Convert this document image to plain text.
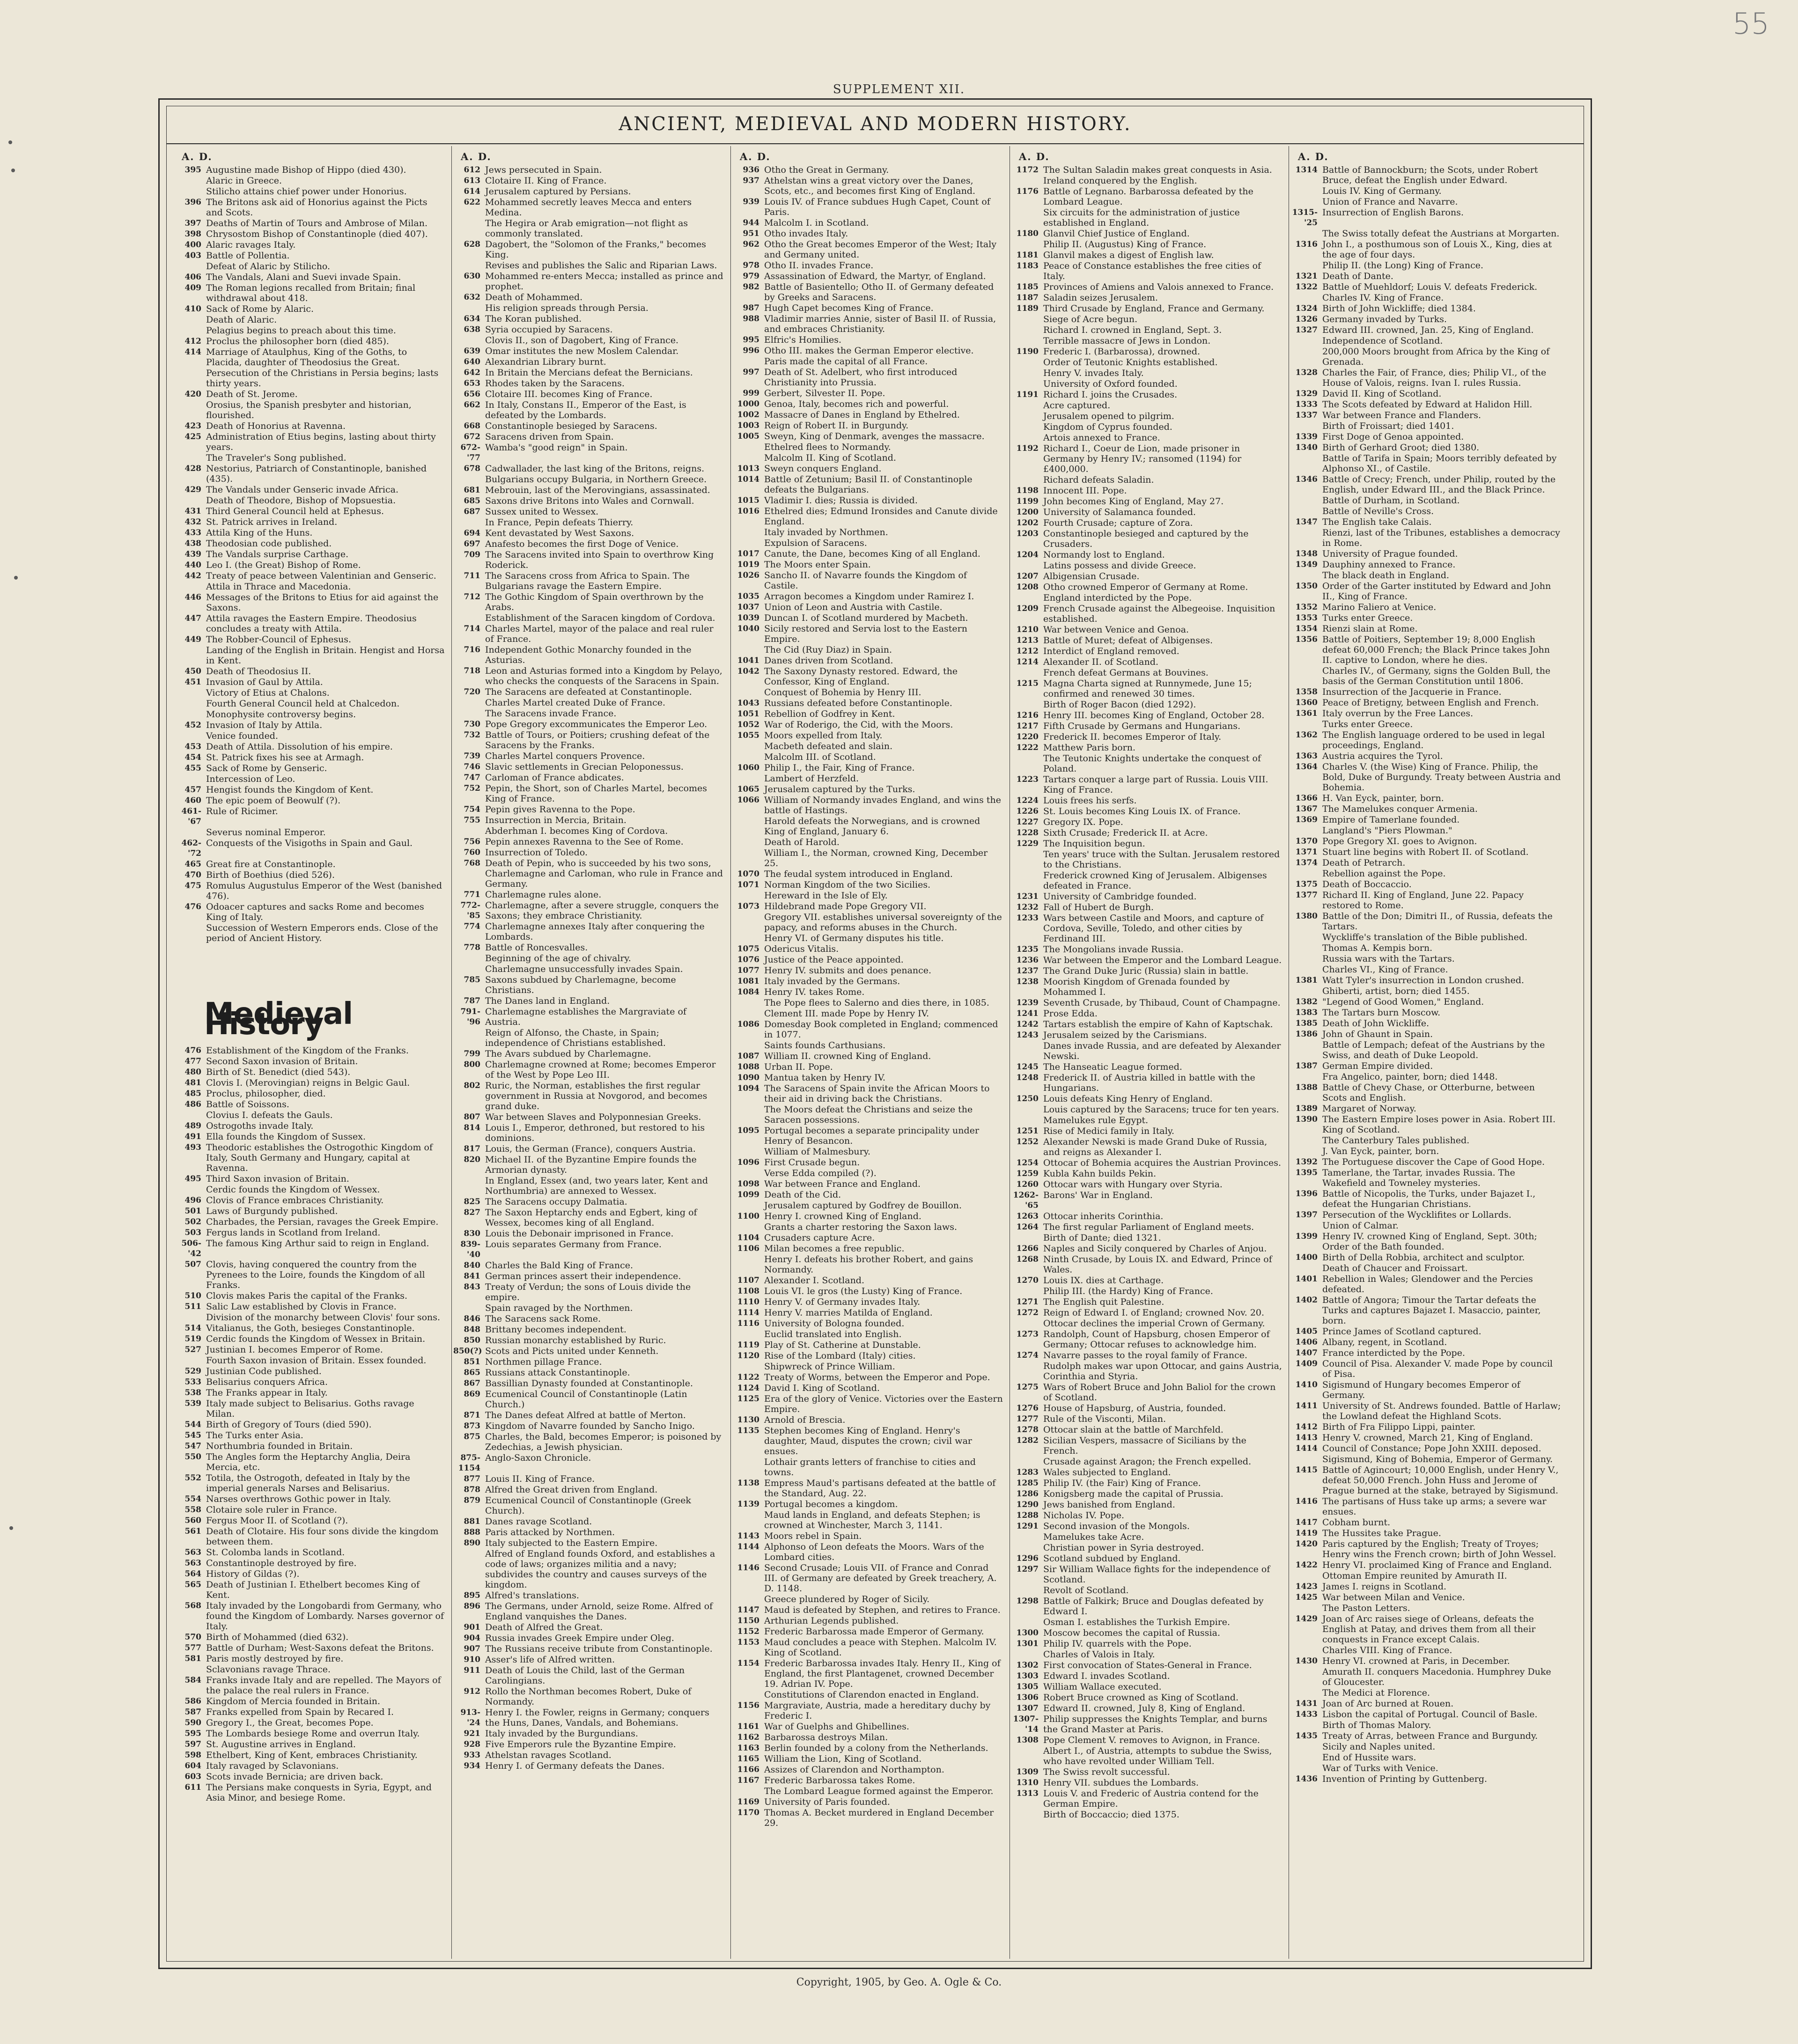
55
SUPPLEMENT XII.
ANCIENT, MEDIEVAL AND MODERN HISTORY.
A. D.
395 Augustine made Bishop of Hippo (died 430).
Alaric in Greece.
Stilicho attains chief power under Honorius.
396 The Britons ask aid of Honorius against the Picts and Scots.
397 Deaths of Martin of Tours and Ambrose of Milan.
398 Chrysostom Bishop of Constantinople (died 407).
400 Alaric ravages Italy.
403 Battle of Pollentia.
Defeat of Alaric by Stilicho.
406 The Vandals, Alani and Suevi invade Spain.
409 The Roman legions recalled from Britain; final withdrawal about 418.
410 Sack of Rome by Alaric.
Death of Alaric.
Pelagius begins to preach about this time.
412 Proclus the philosopher born (died 485).
414 Marriage of Ataulphus, King of the Goths, to Placida, daughter of Theodosius the Great.
Persecution of the Christians in Persia begins; lasts thirty years.
420 Death of St. Jerome.
Orosius, the Spanish presbyter and historian, flourished.
423 Death of Honorius at Ravenna.
425 Administration of Etius begins, lasting about thirty years.
The Traveler's Song published.
428 Nestorius, Patriarch of Constantinople, banished (435).
429 The Vandals under Genseric invade Africa.
Death of Theodore, Bishop of Mopsuestia.
431 Third General Council held at Ephesus.
432 St. Patrick arrives in Ireland.
433 Attila King of the Huns.
438 Theodosian code published.
439 The Vandals surprise Carthage.
440 Leo I. (the Great) Bishop of Rome.
442 Treaty of peace between Valentinian and Genseric.
Attila in Thrace and Macedonia.
446 Messages of the Britons to Etius for aid against the Saxons.
447 Attila ravages the Eastern Empire. Theodosius concludes a treaty with Attila.
449 The Robber-Council of Ephesus.
Landing of the English in Britain. Hengist and Horsa in Kent.
450 Death of Theodosius II.
451 Invasion of Gaul by Attila.
Victory of Etius at Chalons.
Fourth General Council held at Chalcedon.
Monophysite controversy begins.
452 Invasion of Italy by Attila.
Venice founded.
453 Death of Attila. Dissolution of his empire.
454 St. Patrick fixes his see at Armagh.
455 Sack of Rome by Genseric.
Intercession of Leo.
457 Hengist founds the Kingdom of Kent.
460 The epic poem of Beowulf (?).
461-'67
Rule of Ricimer.
Severus nominal Emperor.
462-'72
Conquests of the Visigoths in Spain and Gaul.
465 Great fire at Constantinople.
470 Birth of Boethius (died 526).
475 Romulus Augustulus Emperor of the West (banished 476).
476 Odoacer captures and sacks Rome and becomes King of Italy.
Succession of Western Emperors ends. Close of the period of Ancient History.
Medieval History
476 Establishment of the Kingdom of the Franks.
477 Second Saxon invasion of Britain.
480 Birth of St. Benedict (died 543).
481 Clovis I. (Merovingian) reigns in Belgic Gaul.
485 Proclus, philosopher, died.
486 Battle of Soissons.
Clovius I. defeats the Gauls.
489 Ostrogoths invade Italy.
491 Ella founds the Kingdom of Sussex.
493 Theodoric establishes the Ostrogothic Kingdom of Italy, South Germany and Hungary, capital at Ravenna.
495 Third Saxon invasion of Britain.
Cerdic founds the Kingdom of Wessex.
496 Clovis of France embraces Christianity.
501 Laws of Burgundy published.
502 Charbades, the Persian, ravages the Greek Empire.
503 Fergus lands in Scotland from Ireland.
506-'42
The famous King Arthur said to reign in England.
507 Clovis, having conquered the country from the Pyrenees to the Loire, founds the Kingdom of all Franks.
510 Clovis makes Paris the capital of the Franks.
511 Salic Law established by Clovis in France.
Division of the monarchy between Clovis' four sons.
514 Vitalianus, the Goth, besieges Constantinople.
519 Cerdic founds the Kingdom of Wessex in Britain.
527 Justinian I. becomes Emperor of Rome.
Fourth Saxon invasion of Britain. Essex founded.
529 Justinian Code published.
533 Belisarius conquers Africa.
538 The Franks appear in Italy.
539 Italy made subject to Belisarius. Goths ravage Milan.
544 Birth of Gregory of Tours (died 590).
545 The Turks enter Asia.
547 Northumbria founded in Britain.
550 The Angles form the Heptarchy Anglia, Deira Mercia, etc.
552 Totila, the Ostrogoth, defeated in Italy by the imperial generals Narses and Belisarius.
554 Narses overthrows Gothic power in Italy.
558 Clotaire sole ruler in France.
560 Fergus Moor II. of Scotland (?).
561 Death of Clotaire. His four sons divide the kingdom between them.
563 St. Colomba lands in Scotland.
563 Constantinople destroyed by fire.
564 History of Gildas (?).
565 Death of Justinian I. Ethelbert becomes King of Kent.
568 Italy invaded by the Longobardi from Germany, who found the Kingdom of Lombardy. Narses governor of Italy.
570 Birth of Mohammed (died 632).
577 Battle of Durham; West-Saxons defeat the Britons.
581 Paris mostly destroyed by fire.
Sclavonians ravage Thrace.
584 Franks invade Italy and are repelled. The Mayors of the palace the real rulers in France.
586 Kingdom of Mercia founded in Britain.
587 Franks expelled from Spain by Recared I.
590 Gregory I., the Great, becomes Pope.
595 The Lombards besiege Rome and overrun Italy.
597 St. Augustine arrives in England.
598 Ethelbert, King of Kent, embraces Christianity.
604 Italy ravaged by Sclavonians.
603 Scots invade Bernicia; are driven back.
611 The Persians make conquests in Syria, Egypt, and Asia Minor, and besiege Rome.
A. D.
612 Jews persecuted in Spain.
613 Clotaire II. King of France.
614 Jerusalem captured by Persians.
622 Mohammed secretly leaves Mecca and enters Medina.
The Hegira or Arab emigration—not flight as commonly translated.
628 Dagobert, the "Solomon of the Franks," becomes King.
Revises and publishes the Salic and Riparian Laws.
630 Mohammed re-enters Mecca; installed as prince and prophet.
632 Death of Mohammed.
His religion spreads through Persia.
634 The Koran published.
638 Syria occupied by Saracens.
Clovis II., son of Dagobert, King of France.
639 Omar institutes the new Moslem Calendar.
640 Alexandrian Library burnt.
642 In Britain the Mercians defeat the Bernicians.
653 Rhodes taken by the Saracens.
656 Clotaire III. becomes King of France.
662 In Italy, Constans II., Emperor of the East, is defeated by the Lombards.
668 Constantinople besieged by Saracens.
672 Saracens driven from Spain.
672-'77
Wamba's "good reign" in Spain.
678 Cadwallader, the last king of the Britons, reigns.
Bulgarians occupy Bulgaria, in Northern Greece.
681 Mebrouin, last of the Merovingians, assassinated.
685 Saxons drive Britons into Wales and Cornwall.
687 Sussex united to Wessex.
In France, Pepin defeats Thierry.
694 Kent devastated by West Saxons.
697 Anafesto becomes the first Doge of Venice.
709 The Saracens invited into Spain to overthrow King Roderick.
711 The Saracens cross from Africa to Spain. The Bulgarians ravage the Eastern Empire.
712 The Gothic Kingdom of Spain overthrown by the Arabs.
Establishment of the Saracen kingdom of Cordova.
714 Charles Martel, mayor of the palace and real ruler of France.
716 Independent Gothic Monarchy founded in the Asturias.
718 Leon and Asturias formed into a Kingdom by Pelayo, who checks the conquests of the Saracens in Spain.
720 The Saracens are defeated at Constantinople.
Charles Martel created Duke of France.
The Saracens invade France.
730 Pope Gregory excommunicates the Emperor Leo.
732 Battle of Tours, or Poitiers; crushing defeat of the Saracens by the Franks.
739 Charles Martel conquers Provence.
746 Slavic settlements in Grecian Peloponessus.
747 Carloman of France abdicates.
752 Pepin, the Short, son of Charles Martel, becomes King of France.
754 Pepin gives Ravenna to the Pope.
755 Insurrection in Mercia, Britain.
Abderhman I. becomes King of Cordova.
756 Pepin annexes Ravenna to the See of Rome.
760 Insurrection of Toledo.
768 Death of Pepin, who is succeeded by his two sons, Charlemagne and Carloman, who rule in France and Germany.
771 Charlemagne rules alone.
772-'85
Charlemagne, after a severe struggle, conquers the Saxons; they embrace Christianity.
774 Charlemagne annexes Italy after conquering the Lombards.
778 Battle of Roncesvalles.
Beginning of the age of chivalry.
Charlemagne unsuccessfully invades Spain.
785 Saxons subdued by Charlemagne, become Christians.
787 The Danes land in England.
791-'96
Charlemagne establishes the Margraviate of Austria.
Reign of Alfonso, the Chaste, in Spain; independence of Christians established.
799 The Avars subdued by Charlemagne.
800 Charlemagne crowned at Rome; becomes Emperor of the West by Pope Leo III.
802 Ruric, the Norman, establishes the first regular government in Russia at Novgorod, and becomes grand duke.
807 War between Slaves and Polyponnesian Greeks.
814 Louis I., Emperor, dethroned, but restored to his dominions.
817 Louis, the German (France), conquers Austria.
820 Michael II. of the Byzantine Empire founds the Armorian dynasty.
In England, Essex (and, two years later, Kent and Northumbria) are annexed to Wessex.
825 The Saracens occupy Dalmatia.
827 The Saxon Heptarchy ends and Egbert, king of Wessex, becomes king of all England.
830 Louis the Debonair imprisoned in France.
839-'40
Louis separates Germany from France.
840 Charles the Bald King of France.
841 German princes assert their independence.
843 Treaty of Verdun; the sons of Louis divide the empire.
Spain ravaged by the Northmen.
846 The Saracens sack Rome.
848 Brittany becomes independent.
850 Russian monarchy established by Ruric.
850(?) Scots and Picts united under Kenneth.
851 Northmen pillage France.
865 Russians attack Constantinople.
867 Bassillian Dynasty founded at Constantinople.
869 Ecumenical Council of Constantinople (Latin Church.)
871 The Danes defeat Alfred at battle of Merton.
873 Kingdom of Navarre founded by Sancho Inigo.
875 Charles, the Bald, becomes Emperor; is poisoned by Zedechias, a Jewish physician.
875-1154
Anglo-Saxon Chronicle.
877 Louis II. King of France.
878 Alfred the Great driven from England.
879 Ecumenical Council of Constantinople (Greek Church).
881 Danes ravage Scotland.
888 Paris attacked by Northmen.
890 Italy subjected to the Eastern Empire.
Alfred of England founds Oxford, and establishes a code of laws; organizes militia and a navy; subdivides the country and causes surveys of the kingdom.
895 Alfred's translations.
896 The Germans, under Arnold, seize Rome. Alfred of England vanquishes the Danes.
901 Death of Alfred the Great.
904 Russia invades Greek Empire under Oleg.
907 The Russians receive tribute from Constantinople.
910 Asser's life of Alfred written.
911 Death of Louis the Child, last of the German Carolingians.
912 Rollo the Northman becomes Robert, Duke of Normandy.
913-'24
Henry I. the Fowler, reigns in Germany; conquers the Huns, Danes, Vandals, and Bohemians.
921 Italy invaded by the Burgundians.
928 Five Emperors rule the Byzantine Empire.
933 Athelstan ravages Scotland.
934 Henry I. of Germany defeats the Danes.
A. D.
936 Otho the Great in Germany.
937 Athelstan wins a great victory over the Danes, Scots, etc., and becomes first King of England.
939 Louis IV. of France subdues Hugh Capet, Count of Paris.
944 Malcolm I. in Scotland.
951 Otho invades Italy.
962 Otho the Great becomes Emperor of the West; Italy and Germany united.
978 Otho II. invades France.
979 Assassination of Edward, the Martyr, of England.
982 Battle of Basientello; Otho II. of Germany defeated by Greeks and Saracens.
987 Hugh Capet becomes King of France.
988 Vladimir marries Annie, sister of Basil II. of Russia, and embraces Christianity.
995 Elfric's Homilies.
996 Otho III. makes the German Emperor elective.
Paris made the capital of all France.
997 Death of St. Adelbert, who first introduced Christianity into Prussia.
999 Gerbert, Silvester II. Pope.
1000 Genoa, Italy, becomes rich and powerful.
1002 Massacre of Danes in England by Ethelred.
1003 Reign of Robert II. in Burgundy.
1005 Sweyn, King of Denmark, avenges the massacre.
Ethelred flees to Normandy.
Malcolm II. King of Scotland.
1013 Sweyn conquers England.
1014 Battle of Zetunium; Basil II. of Constantinople defeats the Bulgarians.
1015 Vladimir I. dies; Russia is divided.
1016 Ethelred dies; Edmund Ironsides and Canute divide England.
Italy invaded by Northmen.
Expulsion of Saracens.
1017 Canute, the Dane, becomes King of all England.
1019 The Moors enter Spain.
1026 Sancho II. of Navarre founds the Kingdom of Castile.
1035 Arragon becomes a Kingdom under Ramirez I.
1037 Union of Leon and Austria with Castile.
1039 Duncan I. of Scotland murdered by Macbeth.
1040 Sicily restored and Servia lost to the Eastern Empire.
The Cid (Ruy Diaz) in Spain.
1041 Danes driven from Scotland.
1042 The Saxony Dynasty restored. Edward, the Confessor, King of England.
Conquest of Bohemia by Henry III.
1043 Russians defeated before Constantinople.
1051 Rebellion of Godfrey in Kent.
1052 War of Roderigo, the Cid, with the Moors.
1055 Moors expelled from Italy.
Macbeth defeated and slain.
Malcolm III. of Scotland.
1060 Philip I., the Fair, King of France.
Lambert of Herzfeld.
1065 Jerusalem captured by the Turks.
1066 William of Normandy invades England, and wins the battle of Hastings.
Harold defeats the Norwegians, and is crowned King of England, January 6.
Death of Harold.
William I., the Norman, crowned King, December 25.
1070 The feudal system introduced in England.
1071 Norman Kingdom of the two Sicilies.
Hereward in the Isle of Ely.
1073 Hildebrand made Pope Gregory VII.
Gregory VII. establishes universal sovereignty of the papacy, and reforms abuses in the Church.
Henry VI. of Germany disputes his title.
1075 Odericus Vitalis.
1076 Justice of the Peace appointed.
1077 Henry IV. submits and does penance.
1081 Italy invaded by the Germans.
1084 Henry IV. takes Rome.
The Pope flees to Salerno and dies there, in 1085.
Clement III. made Pope by Henry IV.
1086 Domesday Book completed in England; commenced in 1077.
Saints founds Carthusians.
1087 William II. crowned King of England.
1088 Urban II. Pope.
1090 Mantua taken by Henry IV.
1094 The Saracens of Spain invite the African Moors to their aid in driving back the Christians.
The Moors defeat the Christians and seize the Saracen possessions.
1095 Portugal becomes a separate principality under Henry of Besancon.
William of Malmesbury.
1096 First Crusade begun.
Verse Edda compiled (?).
1098 War between France and England.
1099 Death of the Cid.
Jerusalem captured by Godfrey de Bouillon.
1100 Henry I. crowned King of England.
Grants a charter restoring the Saxon laws.
1104 Crusaders capture Acre.
1106 Milan becomes a free republic.
Henry I. defeats his brother Robert, and gains Normandy.
1107 Alexander I. Scotland.
1108 Louis VI. le gros (the Lusty) King of France.
1110 Henry V. of Germany invades Italy.
1114 Henry V. marries Matilda of England.
1116 University of Bologna founded.
Euclid translated into English.
1119 Play of St. Catherine at Dunstable.
1120 Rise of the Lombard (Italy) cities.
Shipwreck of Prince William.
1122 Treaty of Worms, between the Emperor and Pope.
1124 David I. King of Scotland.
1125 Era of the glory of Venice. Victories over the Eastern Empire.
1130 Arnold of Brescia.
1135 Stephen becomes King of England. Henry's daughter, Maud, disputes the crown; civil war ensues.
Lothair grants letters of franchise to cities and towns.
1138 Empress Maud's partisans defeated at the battle of the Standard, Aug. 22.
1139 Portugal becomes a kingdom.
Maud lands in England, and defeats Stephen; is crowned at Winchester, March 3, 1141.
1143 Moors rebel in Spain.
1144 Alphonso of Leon defeats the Moors. Wars of the Lombard cities.
1146 Second Crusade; Louis VII. of France and Conrad III. of Germany are defeated by Greek treachery, A. D. 1148.
Greece plundered by Roger of Sicily.
1147 Maud is defeated by Stephen, and retires to France.
1150 Arthurian Legends published.
1152 Frederic Barbarossa made Emperor of Germany.
1153 Maud concludes a peace with Stephen. Malcolm IV. King of Scotland.
1154 Frederic Barbarossa invades Italy. Henry II., King of England, the first Plantagenet, crowned December 19. Adrian IV. Pope.
Constitutions of Clarendon enacted in England.
1156 Margraviate, Austria, made a hereditary duchy by Frederic I.
1161 War of Guelphs and Ghibellines.
1162 Barbarossa destroys Milan.
1163 Berlin founded by a colony from the Netherlands.
1165 William the Lion, King of Scotland.
1166 Assizes of Clarendon and Northampton.
1167 Frederic Barbarossa takes Rome.
The Lombard League formed against the Emperor.
1169 University of Paris founded.
1170 Thomas A. Becket murdered in England December 29.
A. D.
1172 The Sultan Saladin makes great conquests in Asia.
Ireland conquered by the English.
1176 Battle of Legnano. Barbarossa defeated by the Lombard League.
Six circuits for the administration of justice established in England.
1180 Glanvil Chief Justice of England.
Philip II. (Augustus) King of France.
1181 Glanvil makes a digest of English law.
1183 Peace of Constance establishes the free cities of Italy.
1185 Provinces of Amiens and Valois annexed to France.
1187 Saladin seizes Jerusalem.
1189 Third Crusade by England, France and Germany.
Siege of Acre begun.
Richard I. crowned in England, Sept. 3.
Terrible massacre of Jews in London.
1190 Frederic I. (Barbarossa), drowned.
Order of Teutonic Knights established.
Henry V. invades Italy.
University of Oxford founded.
1191 Richard I. joins the Crusades.
Acre captured.
Jerusalem opened to pilgrim.
Kingdom of Cyprus founded.
Artois annexed to France.
1192 Richard I., Coeur de Lion, made prisoner in Germany by Henry IV.; ransomed (1194) for £400,000.
Richard defeats Saladin.
1198 Innocent III. Pope.
1199 John becomes King of England, May 27.
1200 University of Salamanca founded.
1202 Fourth Crusade; capture of Zora.
1203 Constantinople besieged and captured by the Crusaders.
1204 Normandy lost to England.
Latins possess and divide Greece.
1207 Albigensian Crusade.
1208 Otho crowned Emperor of Germany at Rome.
England interdicted by the Pope.
1209 French Crusade against the Albegeoise. Inquisition established.
1210 War between Venice and Genoa.
1213 Battle of Muret; defeat of Albigenses.
1212 Interdict of England removed.
1214 Alexander II. of Scotland.
French defeat Germans at Bouvines.
1215 Magna Charta signed at Runnymede, June 15; confirmed and renewed 30 times.
Birth of Roger Bacon (died 1292).
1216 Henry III. becomes King of England, October 28.
1217 Fifth Crusade by Germans and Hungarians.
1220 Frederick II. becomes Emperor of Italy.
1222 Matthew Paris born.
The Teutonic Knights undertake the conquest of Poland.
1223 Tartars conquer a large part of Russia. Louis VIII. King of France.
1224 Louis frees his serfs.
1226 St. Louis becomes King Louis IX. of France.
1227 Gregory IX. Pope.
1228 Sixth Crusade; Frederick II. at Acre.
1229 The Inquisition begun.
Ten years' truce with the Sultan. Jerusalem restored to the Christians.
Frederick crowned King of Jerusalem. Albigenses defeated in France.
1231 University of Cambridge founded.
1232 Fall of Hubert de Burgh.
1233 Wars between Castile and Moors, and capture of Cordova, Seville, Toledo, and other cities by Ferdinand III.
1235 The Mongolians invade Russia.
1236 War between the Emperor and the Lombard League.
1237 The Grand Duke Juric (Russia) slain in battle.
1238 Moorish Kingdom of Grenada founded by Mohammed I.
1239 Seventh Crusade, by Thibaud, Count of Champagne.
1241 Prose Edda.
1242 Tartars establish the empire of Kahn of Kaptschak.
1243 Jerusalem seized by the Carismians.
Danes invade Russia, and are defeated by Alexander Newski.
1245 The Hanseatic League formed.
1248 Frederick II. of Austria killed in battle with the Hungarians.
1250 Louis defeats King Henry of England.
Louis captured by the Saracens; truce for ten years.
Mamelukes rule Egypt.
1251 Rise of Medici family in Italy.
1252 Alexander Newski is made Grand Duke of Russia, and reigns as Alexander I.
1254 Ottocar of Bohemia acquires the Austrian Provinces.
1259 Kubla Kahn builds Pekin.
1260 Ottocar wars with Hungary over Styria.
1262-'65
Barons' War in England.
1263 Ottocar inherits Corinthia.
1264 The first regular Parliament of England meets.
Birth of Dante; died 1321.
1266 Naples and Sicily conquered by Charles of Anjou.
1268 Ninth Crusade, by Louis IX. and Edward, Prince of Wales.
1270 Louis IX. dies at Carthage.
Philip III. (the Hardy) King of France.
1271 The English quit Palestine.
1272 Reign of Edward I. of England; crowned Nov. 20.
Ottocar declines the imperial Crown of Germany.
1273 Randolph, Count of Hapsburg, chosen Emperor of Germany; Ottocar refuses to acknowledge him.
1274 Navarre passes to the royal family of France.
Rudolph makes war upon Ottocar, and gains Austria, Corinthia and Styria.
1275 Wars of Robert Bruce and John Baliol for the crown of Scotland.
1276 House of Hapsburg, of Austria, founded.
1277 Rule of the Visconti, Milan.
1278 Ottocar slain at the battle of Marchfeld.
1282 Sicilian Vespers, massacre of Sicilians by the French.
Crusade against Aragon; the French expelled.
1283 Wales subjected to England.
1285 Philip IV. (the Fair) King of France.
1286 Konigsberg made the capital of Prussia.
1290 Jews banished from England.
1288 Nicholas IV. Pope.
1291 Second invasion of the Mongols.
Mamelukes take Acre.
Christian power in Syria destroyed.
1296 Scotland subdued by England.
1297 Sir William Wallace fights for the independence of Scotland.
Revolt of Scotland.
1298 Battle of Falkirk; Bruce and Douglas defeated by Edward I.
Osman I. establishes the Turkish Empire.
1300 Moscow becomes the capital of Russia.
1301 Philip IV. quarrels with the Pope.
Charles of Valois in Italy.
1302 First convocation of States-General in France.
1303 Edward I. invades Scotland.
1305 William Wallace executed.
1306 Robert Bruce crowned as King of Scotland.
1307 Edward II. crowned, July 8, King of England.
1307-'14
Philip suppresses the Knights Templar, and burns the Grand Master at Paris.
1308 Pope Clement V. removes to Avignon, in France.
Albert I., of Austria, attempts to subdue the Swiss, who have revolted under William Tell.
1309 The Swiss revolt successful.
1310 Henry VII. subdues the Lombards.
1313 Louis V. and Frederic of Austria contend for the German Empire.
Birth of Boccaccio; died 1375.
A. D.
1314 Battle of Bannockburn; the Scots, under Robert Bruce, defeat the English under Edward.
Louis IV. King of Germany.
Union of France and Navarre.
1315-'25
Insurrection of English Barons.
The Swiss totally defeat the Austrians at Morgarten.
1316 John I., a posthumous son of Louis X., King, dies at the age of four days.
Philip II. (the Long) King of France.
1321 Death of Dante.
1322 Battle of Muehldorf; Louis V. defeats Frederick.
Charles IV. King of France.
1324 Birth of John Wickliffe; died 1384.
1326 Germany invaded by Turks.
1327 Edward III. crowned, Jan. 25, King of England.
Independence of Scotland.
200,000 Moors brought from Africa by the King of Grenada.
1328 Charles the Fair, of France, dies; Philip VI., of the House of Valois, reigns. Ivan I. rules Russia.
1329 David II. King of Scotland.
1333 The Scots defeated by Edward at Halidon Hill.
1337 War between France and Flanders.
Birth of Froissart; died 1401.
1339 First Doge of Genoa appointed.
1340 Birth of Gerhard Groot; died 1380.
Battle of Tarifa in Spain; Moors terribly defeated by Alphonso XI., of Castile.
1346 Battle of Crecy; French, under Philip, routed by the English, under Edward III., and the Black Prince.
Battle of Durham, in Scotland.
Battle of Neville's Cross.
1347 The English take Calais.
Rienzi, last of the Tribunes, establishes a democracy in Rome.
1348 University of Prague founded.
1349 Dauphiny annexed to France.
The black death in England.
1350 Order of the Garter instituted by Edward and John II., King of France.
1352 Marino Faliero at Venice.
1353 Turks enter Greece.
1354 Rienzi slain at Rome.
1356 Battle of Poitiers, September 19; 8,000 English defeat 60,000 French; the Black Prince takes John II. captive to London, where he dies.
Charles IV., of Germany, signs the Golden Bull, the basis of the German Constitution until 1806.
1358 Insurrection of the Jacquerie in France.
1360 Peace of Bretigny, between English and French.
1361 Italy overrun by the Free Lances.
Turks enter Greece.
1362 The English language ordered to be used in legal proceedings, England.
1363 Austria acquires the Tyrol.
1364 Charles V. (the Wise) King of France. Philip, the Bold, Duke of Burgundy. Treaty between Austria and Bohemia.
1366 H. Van Eyck, painter, born.
1367 The Mamelukes conquer Armenia.
1369 Empire of Tamerlane founded.
Langland's "Piers Plowman."
1370 Pope Gregory XI. goes to Avignon.
1371 Stuart line begins with Robert II. of Scotland.
1374 Death of Petrarch.
Rebellion against the Pope.
1375 Death of Boccaccio.
1377 Richard II. King of England, June 22. Papacy restored to Rome.
1380 Battle of the Don; Dimitri II., of Russia, defeats the Tartars.
Wyckliffe's translation of the Bible published.
Thomas A. Kempis born.
Russia wars with the Tartars.
Charles VI., King of France.
1381 Watt Tyler's insurrection in London crushed.
Ghiberti, artist, born; died 1455.
1382 "Legend of Good Women," England.
1383 The Tartars burn Moscow.
1385 Death of John Wickliffe.
1386 John of Ghaunt in Spain.
Battle of Lempach; defeat of the Austrians by the Swiss, and death of Duke Leopold.
1387 German Empire divided.
Fra Angelico, painter, born; died 1448.
1388 Battle of Chevy Chase, or Otterburne, between Scots and English.
1389 Margaret of Norway.
1390 The Eastern Empire loses power in Asia. Robert III. King of Scotland.
The Canterbury Tales published.
J. Van Eyck, painter, born.
1392 The Portuguese discover the Cape of Good Hope.
1395 Tamerlane, the Tartar, invades Russia. The Wakefield and Towneley mysteries.
1396 Battle of Nicopolis, the Turks, under Bajazet I., defeat the Hungarian Christians.
1397 Persecution of the Wycklifites or Lollards.
Union of Calmar.
1399 Henry IV. crowned King of England, Sept. 30th; Order of the Bath founded.
1400 Birth of Della Robbia, architect and sculptor.
Death of Chaucer and Froissart.
1401 Rebellion in Wales; Glendower and the Percies defeated.
1402 Battle of Angora; Timour the Tartar defeats the Turks and captures Bajazet I. Masaccio, painter, born.
1405 Prince James of Scotland captured.
1406 Albany, regent, in Scotland.
1407 France interdicted by the Pope.
1409 Council of Pisa. Alexander V. made Pope by council of Pisa.
1410 Sigismund of Hungary becomes Emperor of Germany.
1411 University of St. Andrews founded. Battle of Harlaw; the Lowland defeat the Highland Scots.
1412 Birth of Fra Filippo Lippi, painter.
1413 Henry V. crowned, March 21, King of England.
1414 Council of Constance; Pope John XXIII. deposed.
Sigismund, King of Bohemia, Emperor of Germany.
1415 Battle of Agincourt; 10,000 English, under Henry V., defeat 50,000 French. John Huss and Jerome of Prague burned at the stake, betrayed by Sigismund.
1416 The partisans of Huss take up arms; a severe war ensues.
1417 Cobham burnt.
1419 The Hussites take Prague.
1420 Paris captured by the English; Treaty of Troyes; Henry wins the French crown; birth of John Wessel.
1422 Henry VI. proclaimed King of France and England.
Ottoman Empire reunited by Amurath II.
1423 James I. reigns in Scotland.
1425 War between Milan and Venice.
The Paston Letters.
1429 Joan of Arc raises siege of Orleans, defeats the English at Patay, and drives them from all their conquests in France except Calais.
Charles VIII. King of France.
1430 Henry VI. crowned at Paris, in December.
Amurath II. conquers Macedonia. Humphrey Duke of Gloucester.
The Medici at Florence.
1431 Joan of Arc burned at Rouen.
1433 Lisbon the capital of Portugal. Council of Basle.
Birth of Thomas Malory.
1435 Treaty of Arras, between France and Burgundy.
Sicily and Naples united.
End of Hussite wars.
War of Turks with Venice.
1436 Invention of Printing by Guttenberg.
Copyright, 1905, by Geo. A. Ogle & Co.
